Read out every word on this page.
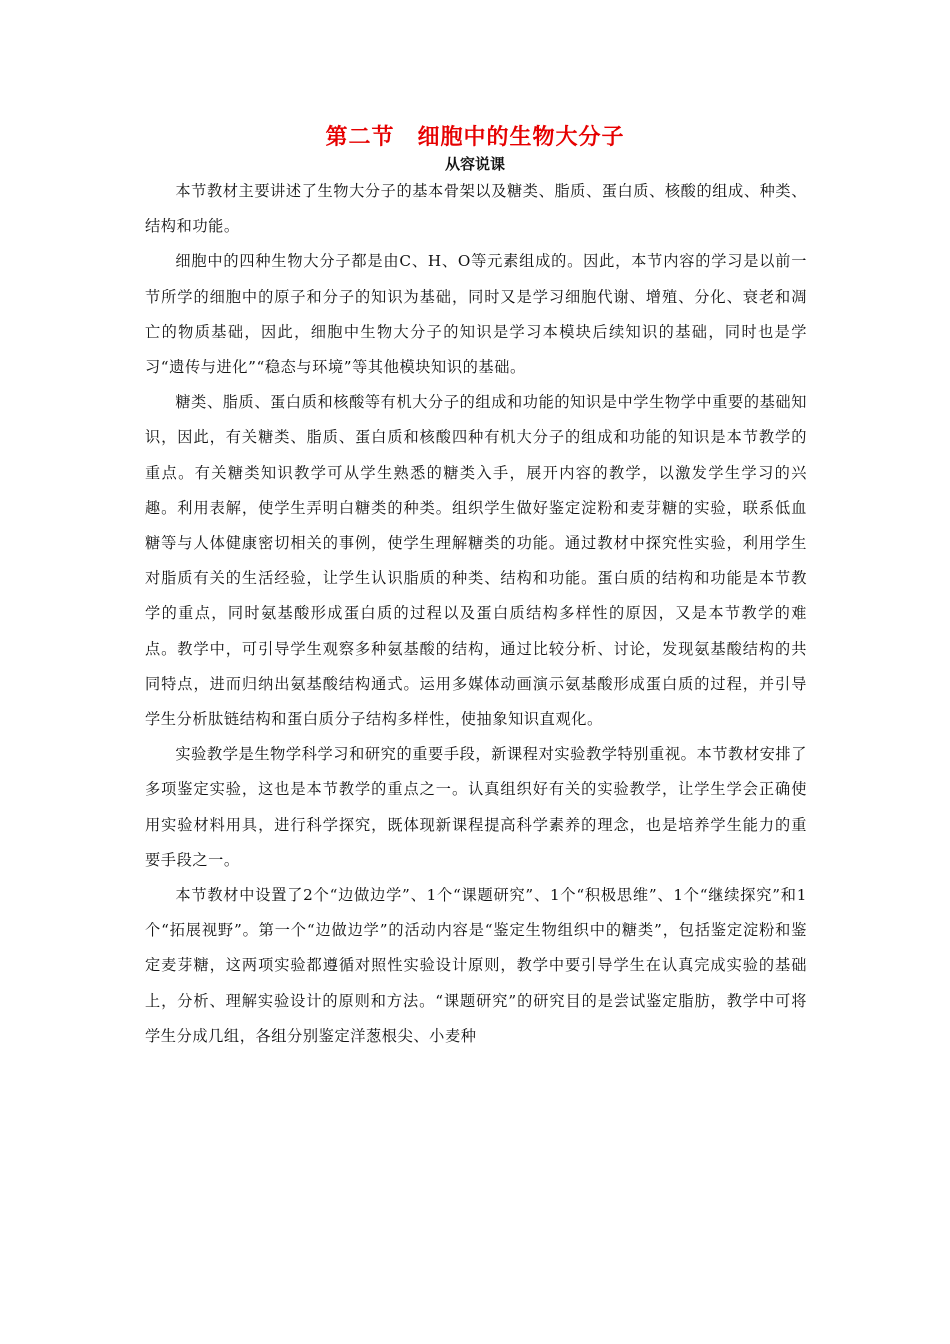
第二节　细胞中的生物大分子
从容说课

本节教材主要讲述了生物大分子的基本骨架以及糖类、脂质、蛋白质、核酸的组成、种类、结构和功能。

细胞中的四种生物大分子都是由C、H、O等元素组成的。因此，本节内容的学习是以前一节所学的细胞中的原子和分子的知识为基础，同时又是学习细胞代谢、增殖、分化、衰老和凋亡的物质基础，因此，细胞中生物大分子的知识是学习本模块后续知识的基础，同时也是学习“遗传与进化”“稳态与环境”等其他模块知识的基础。

糖类、脂质、蛋白质和核酸等有机大分子的组成和功能的知识是中学生物学中重要的基础知识，因此，有关糖类、脂质、蛋白质和核酸四种有机大分子的组成和功能的知识是本节教学的重点。有关糖类知识教学可从学生熟悉的糖类入手，展开内容的教学，以激发学生学习的兴趣。利用表解，使学生弄明白糖类的种类。组织学生做好鉴定淀粉和麦芽糖的实验，联系低血糖等与人体健康密切相关的事例，使学生理解糖类的功能。通过教材中探究性实验，利用学生对脂质有关的生活经验，让学生认识脂质的种类、结构和功能。蛋白质的结构和功能是本节教学的重点，同时氨基酸形成蛋白质的过程以及蛋白质结构多样性的原因，又是本节教学的难点。教学中，可引导学生观察多种氨基酸的结构，通过比较分析、讨论，发现氨基酸结构的共同特点，进而归纳出氨基酸结构通式。运用多媒体动画演示氨基酸形成蛋白质的过程，并引导学生分析肽链结构和蛋白质分子结构多样性，使抽象知识直观化。

实验教学是生物学科学习和研究的重要手段，新课程对实验教学特别重视。本节教材安排了多项鉴定实验，这也是本节教学的重点之一。认真组织好有关的实验教学，让学生学会正确使用实验材料用具，进行科学探究，既体现新课程提高科学素养的理念，也是培养学生能力的重要手段之一。

本节教材中设置了2个“边做边学”、1个“课题研究”、1个“积极思维”、1个“继续探究”和1个“拓展视野”。第一个“边做边学”的活动内容是“鉴定生物组织中的糖类”，包括鉴定淀粉和鉴定麦芽糖，这两项实验都遵循对照性实验设计原则，教学中要引导学生在认真完成实验的基础上，分析、理解实验设计的原则和方法。“课题研究”的研究目的是尝试鉴定脂肪，教学中可将学生分成几组，各组分别鉴定洋葱根尖、小麦种
